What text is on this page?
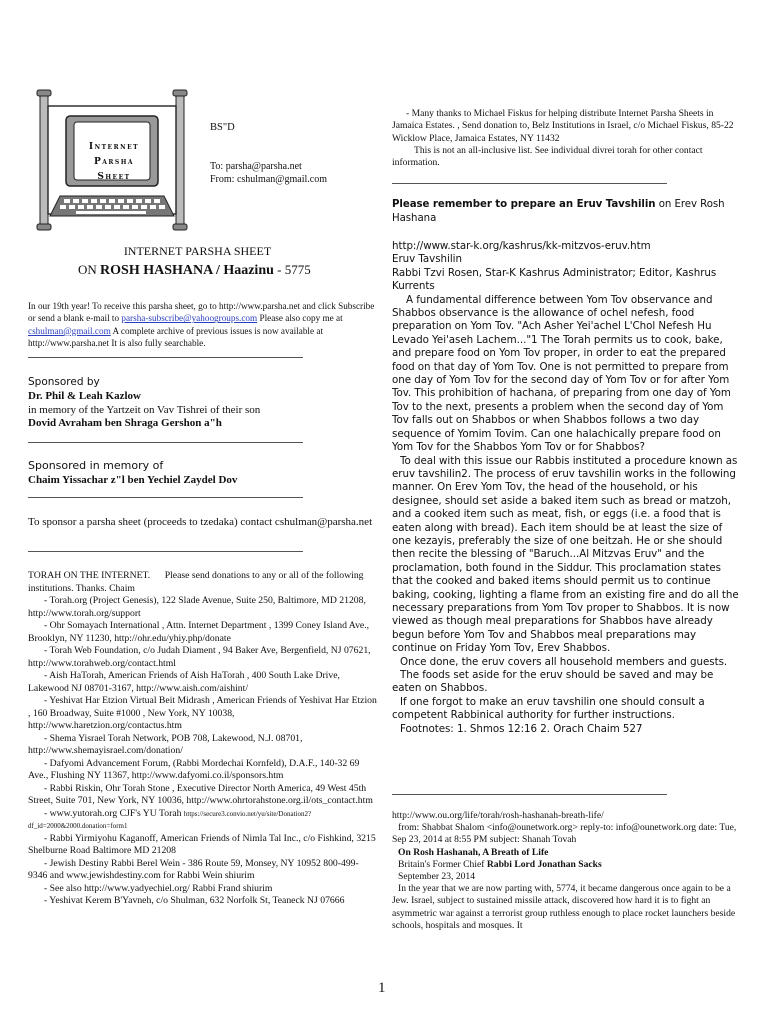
Internet
Parsha
Sheet
BS"D
To: parsha@parsha.net
From: cshulman@gmail.com
INTERNET PARSHA SHEET
ON ROSH HASHANA / Haazinu - 5775
In our 19th year! To receive this parsha sheet, go to http://www.parsha.net and click Subscribe or send a blank e-mail to parsha-subscribe@yahoogroups.com Please also copy me at cshulman@gmail.com A complete archive of previous issues is now available at http://www.parsha.net It is also fully searchable.
Sponsored by
Dr. Phil & Leah Kazlow
in memory of the Yartzeit on Vav Tishrei of their son
Dovid Avraham ben Shraga Gershon a"h
Sponsored in memory of
Chaim Yissachar z"l ben Yechiel Zaydel Dov
To sponsor a parsha sheet (proceeds to tzedaka) contact cshulman@parsha.net

TORAH ON THE INTERNET. Please send donations to any or all of the following institutions. Thanks. Chaim

- Torah.org (Project Genesis), 122 Slade Avenue, Suite 250, Baltimore, MD 21208, http://www.torah.org/support

- Ohr Somayach International , Attn. Internet Department , 1399 Coney Island Ave., Brooklyn, NY 11230, http://ohr.edu/yhiy.php/donate

- Torah Web Foundation, c/o Judah Diament , 94 Baker Ave, Bergenfield, NJ 07621, http://www.torahweb.org/contact.html

- Aish HaTorah, American Friends of Aish HaTorah , 400 South Lake Drive, Lakewood NJ 08701-3167, http://www.aish.com/aishint/

- Yeshivat Har Etzion Virtual Beit Midrash , American Friends of Yeshivat Har Etzion , 160 Broadway, Suite #1000 , New York, NY 10038, http://www.haretzion.org/contactus.htm

- Shema Yisrael Torah Network, POB 708, Lakewood, N.J. 08701, http://www.shemayisrael.com/donation/

- Dafyomi Advancement Forum, (Rabbi Mordechai Kornfeld), D.A.F., 140-32 69 Ave., Flushing NY 11367, http://www.dafyomi.co.il/sponsors.htm

- Rabbi Riskin, Ohr Torah Stone , Executive Director North America, 49 West 45th Street, Suite 701, New York, NY 10036, http://www.ohrtorahstone.org.il/ots_contact.htm

- www.yutorah.org CJF's YU Torah https://secure3.convio.net/yu/site/Donation2?df_id=2000&2000.donation=form1

- Rabbi Yirmiyohu Kaganoff, American Friends of Nimla Tal Inc., c/o Fishkind, 3215 Shelburne Road Baltimore MD 21208

- Jewish Destiny Rabbi Berel Wein - 386 Route 59, Monsey, NY 10952 800-499-9346 and www.jewishdestiny.com for Rabbi Wein shiurim

- See also http://www.yadyechiel.org/ Rabbi Frand shiurim

- Yeshivat Kerem B'Yavneh, c/o Shulman, 632 Norfolk St, Teaneck NJ 07666

- Many thanks to Michael Fiskus for helping distribute Internet Parsha Sheets in Jamaica Estates. , Send donation to, Belz Institutions in Israel, c/o Michael Fiskus, 85-22 Wicklow Place, Jamaica Estates, NY 11432

This is not an all-inclusive list. See individual divrei torah for other contact information.

Please remember to prepare an Eruv Tavshilin on Erev Rosh Hashana
http://www.star-k.org/kashrus/kk-mitzvos-eruv.htm
Eruv Tavshilin
Rabbi Tzvi Rosen, Star-K Kashrus Administrator; Editor, Kashrus Kurrents

A fundamental difference between Yom Tov observance and Shabbos observance is the allowance of ochel nefesh, food preparation on Yom Tov. "Ach Asher Yei'achel L'Chol Nefesh Hu Levado Yei'aseh Lachem..."1 The Torah permits us to cook, bake, and prepare food on Yom Tov proper, in order to eat the prepared food on that day of Yom Tov. One is not permitted to prepare from one day of Yom Tov for the second day of Yom Tov or for after Yom Tov. This prohibition of hachana, of preparing from one day of Yom Tov to the next, presents a problem when the second day of Yom Tov falls out on Shabbos or when Shabbos follows a two day sequence of Yomim Tovim. Can one halachically prepare food on Yom Tov for the Shabbos Yom Tov or for Shabbos?

To deal with this issue our Rabbis instituted a procedure known as eruv tavshilin2. The process of eruv tavshilin works in the following manner. On Erev Yom Tov, the head of the household, or his designee, should set aside a baked item such as bread or matzoh, and a cooked item such as meat, fish, or eggs (i.e. a food that is eaten along with bread). Each item should be at least the size of one kezayis, preferably the size of one beitzah. He or she should then recite the blessing of "Baruch...Al Mitzvas Eruv" and the proclamation, both found in the Siddur. This proclamation states that the cooked and baked items should permit us to continue baking, cooking, lighting a flame from an existing fire and do all the necessary preparations from Yom Tov proper to Shabbos. It is now viewed as though meal preparations for Shabbos have already begun before Yom Tov and Shabbos meal preparations may continue on Friday Yom Tov, Erev Shabbos.

Once done, the eruv covers all household members and guests.

The foods set aside for the eruv should be saved and may be eaten on Shabbos.

If one forgot to make an eruv tavshilin one should consult a competent Rabbinical authority for further instructions.

Footnotes: 1. Shmos 12:16 2. Orach Chaim 527

http://www.ou.org/life/torah/rosh-hashanah-breath-life/
from: Shabbat Shalom <info@ounetwork.org> reply-to: info@ounetwork.org date: Tue, Sep 23, 2014 at 8:55 PM subject: Shanah Tovah
On Rosh Hashanah, A Breath of Life
Britain's Former Chief Rabbi Lord Jonathan Sacks
September 23, 2014

In the year that we are now parting with, 5774, it became dangerous once again to be a Jew. Israel, subject to sustained missile attack, discovered how hard it is to fight an asymmetric war against a terrorist group ruthless enough to place rocket launchers beside schools, hospitals and mosques. It

1
